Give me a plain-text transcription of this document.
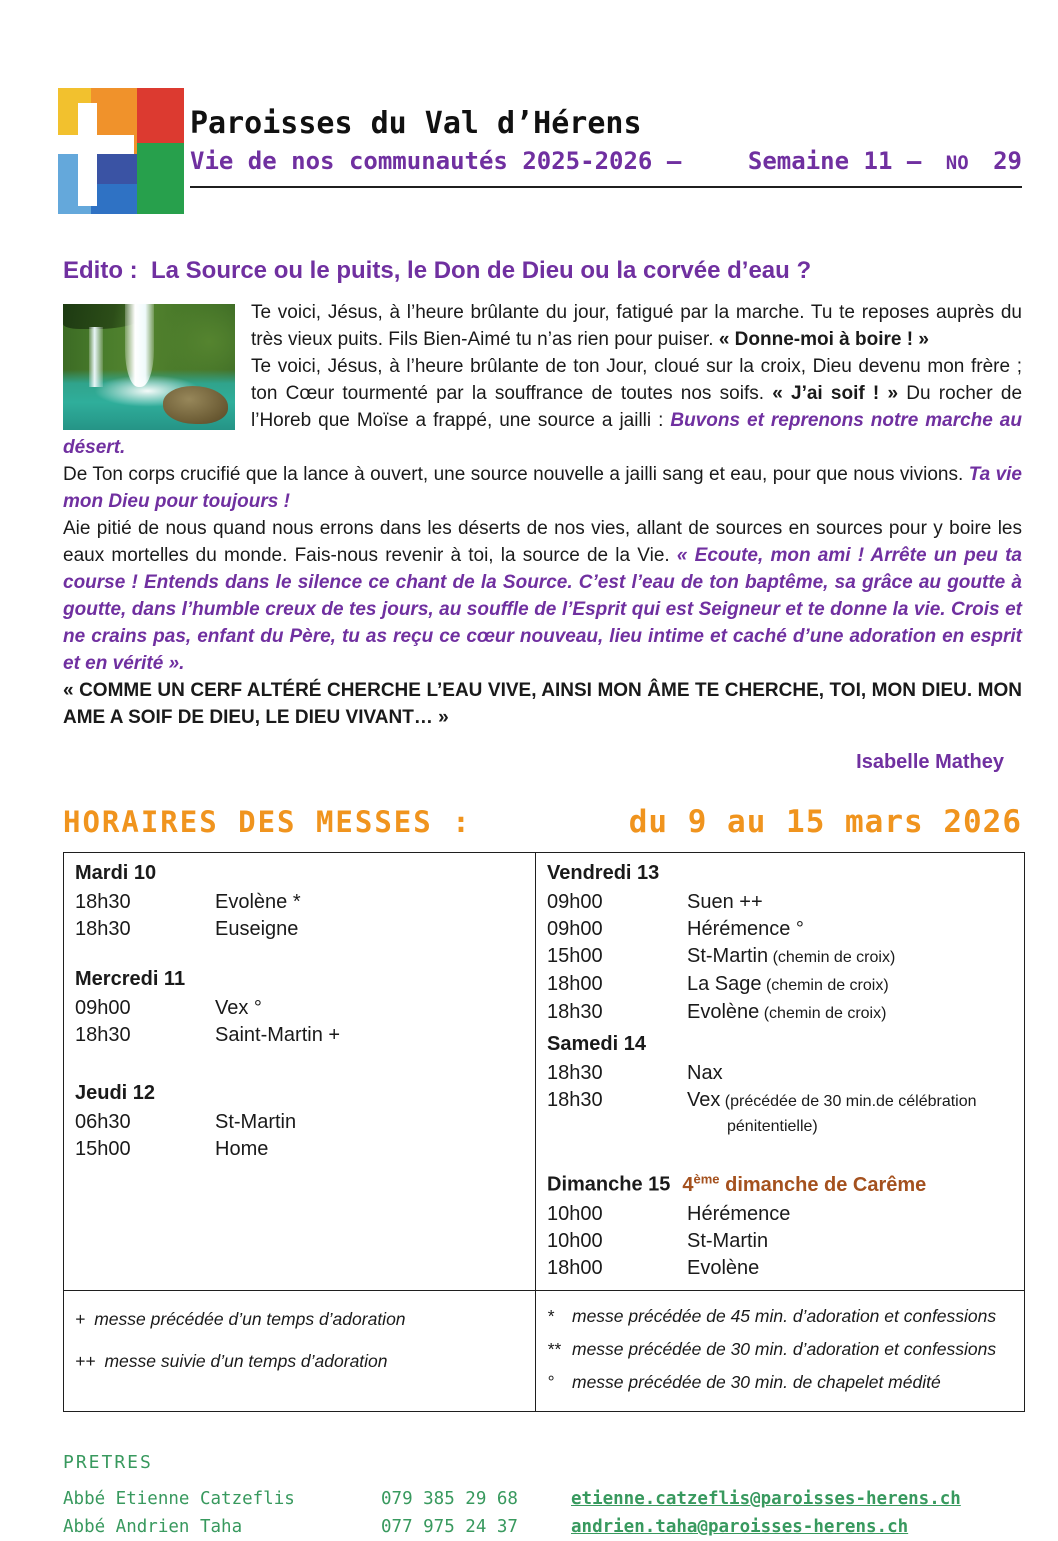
Paroisses du Val d’Hérens
Vie de nos communautés 2025-2026 –	Semaine 11 – NO 29
Edito :  La Source ou le puits, le Don de Dieu ou la corvée d’eau ?

Te voici, Jésus, à l’heure brûlante du jour, fatigué par la marche. Tu te reposes auprès du très vieux puits. Fils Bien-Aimé tu n’as rien pour puiser. « Donne-moi à boire ! »

Te voici, Jésus, à l’heure brûlante de ton Jour, cloué sur la croix, Dieu devenu mon frère ; ton Cœur tourmenté par la souffrance de toutes nos soifs. « J’ai soif ! » Du rocher de l’Horeb que Moïse a frappé, une source a jailli : Buvons et reprenons notre marche au désert.

De Ton corps crucifié que la lance à ouvert, une source nouvelle a jailli sang et eau, pour que nous vivions. Ta vie mon Dieu pour toujours !

Aie pitié de nous quand nous errons dans les déserts de nos vies, allant de sources en sources pour y boire les eaux mortelles du monde. Fais-nous revenir à toi, la source de la Vie. « Ecoute, mon ami ! Arrête un peu ta course ! Entends dans le silence ce chant de la Source. C’est l’eau de ton baptême, sa grâce au goutte à goutte, dans l’humble creux de tes jours, au souffle de l’Esprit qui est Seigneur et te donne la vie. Crois et ne crains pas, enfant du Père, tu as reçu ce cœur nouveau, lieu intime et caché d’une adoration en esprit et en vérité ».

« COMME UN CERF ALTÉRÉ CHERCHE L’EAU VIVE, AINSI MON ÂME TE CHERCHE, TOI, MON DIEU. MON AME A SOIF DE DIEU, LE DIEU VIVANT… »

Isabelle Mathey
HORAIRES DES MESSES :	du 9 au 15 mars 2026
Mardi 10
18h30	Evolène *
18h30	Euseigne
Mercredi 11
09h00	Vex °
18h30	Saint-Martin +
Jeudi 12
06h30	St-Martin
15h00	Home
Vendredi 13
09h00	Suen ++
09h00	Hérémence °
15h00	St-Martin (chemin de croix)
18h00	La Sage (chemin de croix)
18h30	Evolène (chemin de croix)
Samedi 14
18h30	Nax
18h30	Vex (précédée de 30 min.de célébration
pénitentielle)
Dimanche 15 4ème dimanche de Carême
10h00	Hérémence
10h00	St-Martin
18h00	Evolène
+ messe précédée d’un temps d’adoration
++ messe suivie d’un temps d’adoration
*	messe précédée de 45 min. d’adoration et confessions
** messe précédée de 30 min. d’adoration et confessions
°	messe précédée de 30 min. de chapelet médité
PRETRES
Abbé Etienne Catzeflis	079 385 29 68	etienne.catzeflis@paroisses-herens.ch
Abbé Andrien Taha	077 975 24 37	andrien.taha@paroisses-herens.ch
